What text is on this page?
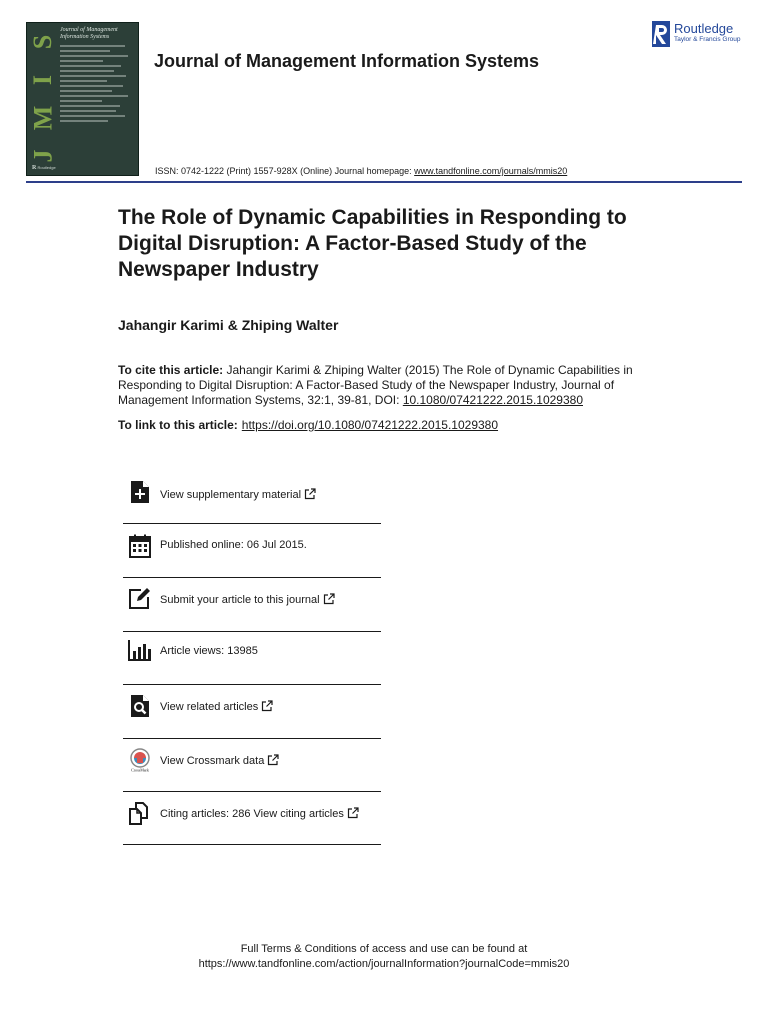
S
I
M
J
Journal of Management Information Systems
R Routledge
Journal of Management Information Systems
Routledge
Taylor & Francis Group
ISSN: 0742-1222 (Print) 1557-928X (Online) Journal homepage: www.tandfonline.com/journals/mmis20
The Role of Dynamic Capabilities in Responding to Digital Disruption: A Factor-Based Study of the Newspaper Industry
Jahangir Karimi & Zhiping Walter

To cite this article: Jahangir Karimi & Zhiping Walter (2015) The Role of Dynamic Capabilities in Responding to Digital Disruption: A Factor-Based Study of the Newspaper Industry, Journal of Management Information Systems, 32:1, 39-81, DOI: 10.1080/07421222.2015.1029380

To link to this article: https://doi.org/10.1080/07421222.2015.1029380

View supplementary material
Published online: 06 Jul 2015.
Submit your article to this journal
Article views: 13985
View related articles
CrossMark
View Crossmark data
Citing articles: 286 View citing articles
Full Terms & Conditions of access and use can be found at
https://www.tandfonline.com/action/journalInformation?journalCode=mmis20
